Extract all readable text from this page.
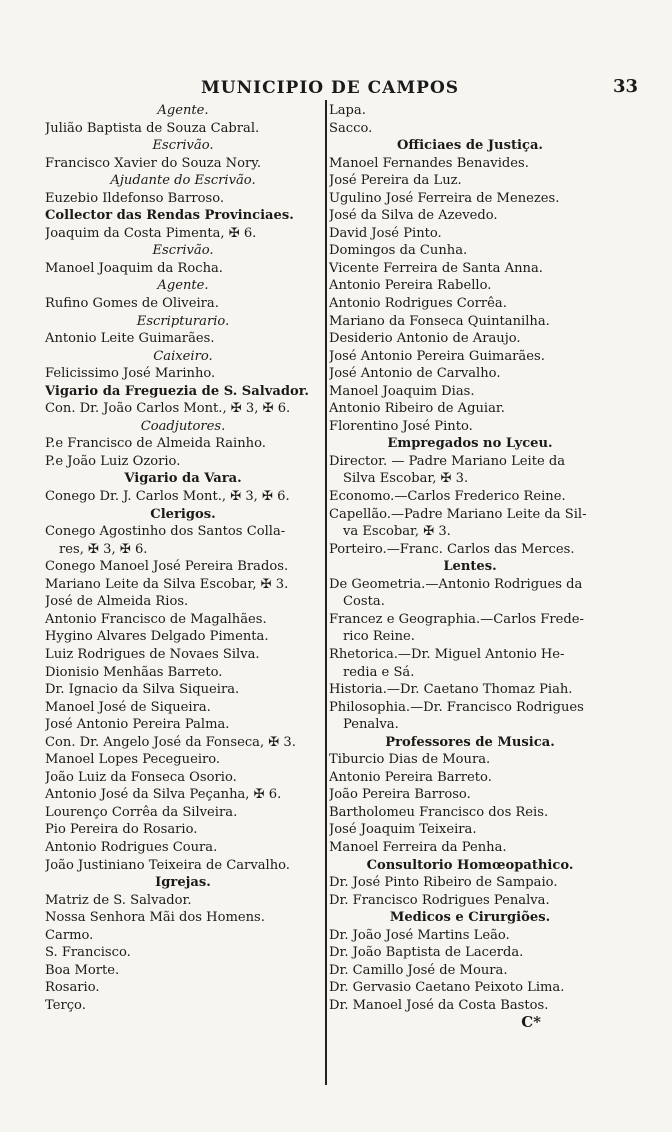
MUNICIPIO DE CAMPOS	33
Agente.
Julião Baptista de Souza Cabral.
Escrivão.
Francisco Xavier do Souza Nory.
Ajudante do Escrivão.
Euzebio Ildefonso Barroso.
Collector das Rendas Provinciaes.
Joaquim da Costa Pimenta, ✠ 6.
Escrivão.
Manoel Joaquim da Rocha.
Agente.
Rufino Gomes de Oliveira.
Escripturario.
Antonio Leite Guimarães.
Caixeiro.
Felicissimo José Marinho.
Vigario da Freguezia de S. Salvador.
Con. Dr. João Carlos Mont., ✠ 3, ✠ 6.
Coadjutores.
P.e Francisco de Almeida Rainho.
P.e João Luiz Ozorio.
Vigario da Vara.
Conego Dr. J. Carlos Mont., ✠ 3, ✠ 6.
Clerigos.
Conego Agostinho dos Santos Colla-
res, ✠ 3, ✠ 6.
Conego Manoel José Pereira Brados.
Mariano Leite da Silva Escobar, ✠ 3.
José de Almeida Rios.
Antonio Francisco de Magalhães.
Hygino Alvares Delgado Pimenta.
Luiz Rodrigues de Novaes Silva.
Dionisio Menhãas Barreto.
Dr. Ignacio da Silva Siqueira.
Manoel José de Siqueira.
José Antonio Pereira Palma.
Con. Dr. Angelo José da Fonseca, ✠ 3.
Manoel Lopes Pecegueiro.
João Luiz da Fonseca Osorio.
Antonio José da Silva Peçanha, ✠ 6.
Lourenço Corrêa da Silveira.
Pio Pereira do Rosario.
Antonio Rodrigues Coura.
João Justiniano Teixeira de Carvalho.
Igrejas.
Matriz de S. Salvador.
Nossa Senhora Mãi dos Homens.
Carmo.
S. Francisco.
Boa Morte.
Rosario.
Terço.
Lapa.
Sacco.
Officiaes de Justiça.
Manoel Fernandes Benavides.
José Pereira da Luz.
Ugulino José Ferreira de Menezes.
José da Silva de Azevedo.
David José Pinto.
Domingos da Cunha.
Vicente Ferreira de Santa Anna.
Antonio Pereira Rabello.
Antonio Rodrigues Corrêa.
Mariano da Fonseca Quintanilha.
Desiderio Antonio de Araujo.
José Antonio Pereira Guimarães.
José Antonio de Carvalho.
Manoel Joaquim Dias.
Antonio Ribeiro de Aguiar.
Florentino José Pinto.
Empregados no Lyceu.
Director. — Padre Mariano Leite da
Silva Escobar, ✠ 3.
Economo.—Carlos Frederico Reine.
Capellão.—Padre Mariano Leite da Sil-
va Escobar, ✠ 3.
Porteiro.—Franc. Carlos das Merces.
Lentes.
De Geometria.—Antonio Rodrigues da
Costa.
Francez e Geographia.—Carlos Frede-
rico Reine.
Rhetorica.—Dr. Miguel Antonio He-
redia e Sá.
Historia.—Dr. Caetano Thomaz Piah.
Philosophia.—Dr. Francisco Rodrigues
Penalva.
Professores de Musica.
Tiburcio Dias de Moura.
Antonio Pereira Barreto.
João Pereira Barroso.
Bartholomeu Francisco dos Reis.
José Joaquim Teixeira.
Manoel Ferreira da Penha.
Consultorio Homœopathico.
Dr. José Pinto Ribeiro de Sampaio.
Dr. Francisco Rodrigues Penalva.
Medicos e Cirurgiões.
Dr. João José Martins Leão.
Dr. João Baptista de Lacerda.
Dr. Camillo José de Moura.
Dr. Gervasio Caetano Peixoto Lima.
Dr. Manoel José da Costa Bastos.
C*
